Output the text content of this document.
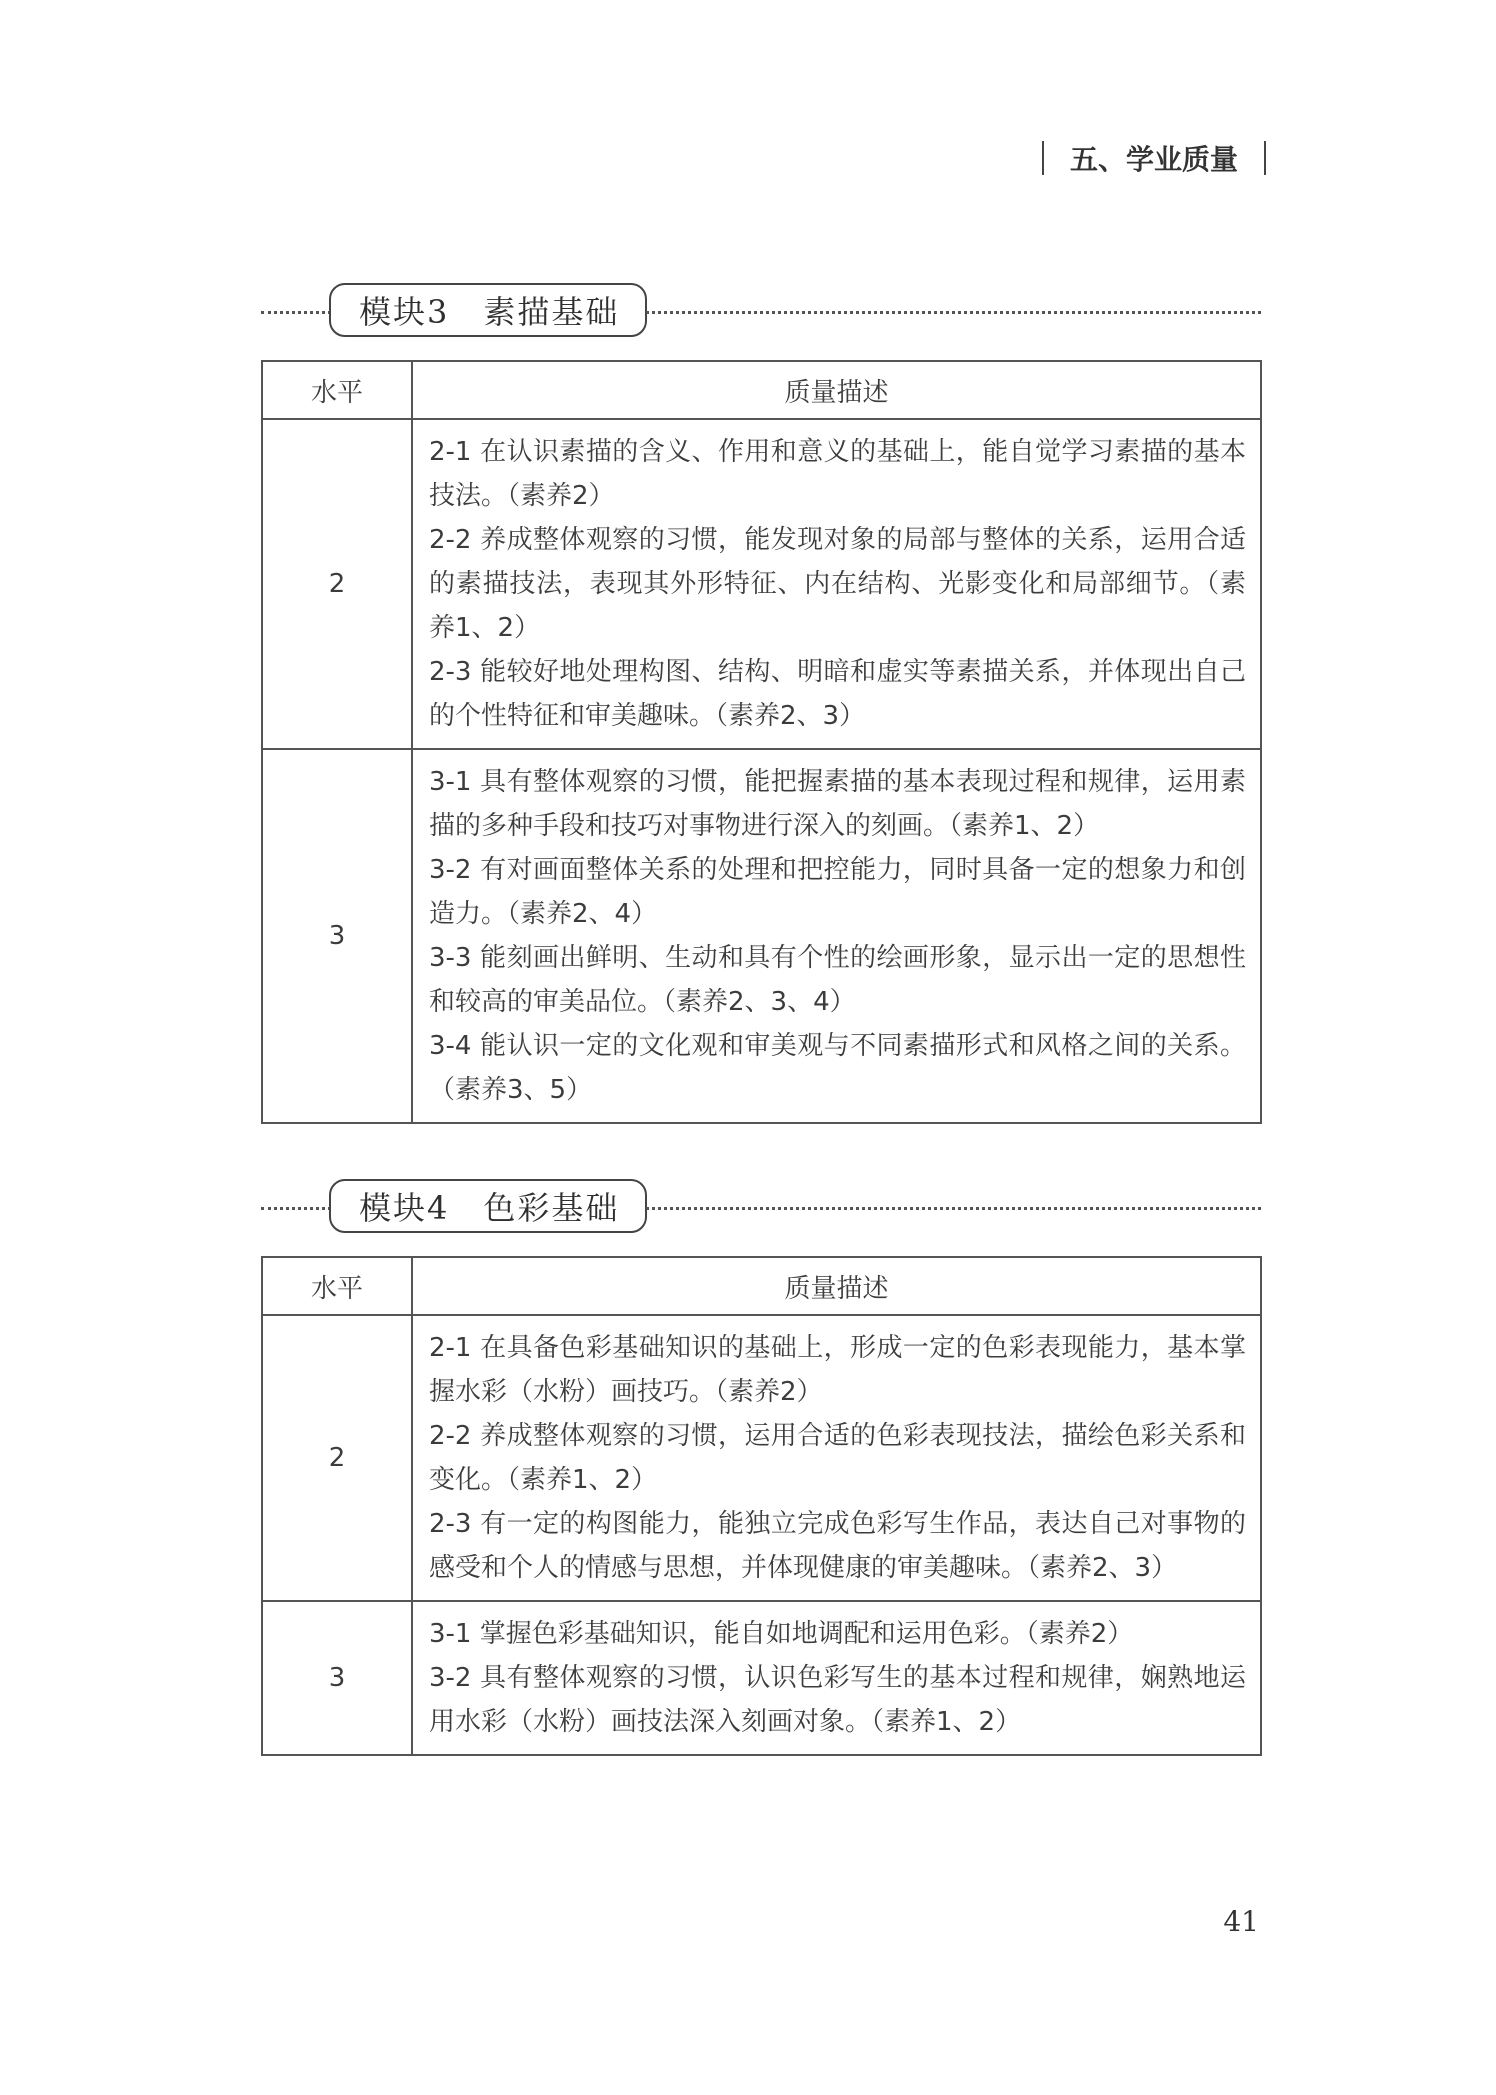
五、学业质量
模块3 素描基础
水平	质量描述
2	2-1 在认识素描的含义、作用和意义的基础上，能自觉学习素描的基本技法。（素养2）
2-2 养成整体观察的习惯，能发现对象的局部与整体的关系，运用合适的素描技法，表现其外形特征、内在结构、光影变化和局部细节。（素养1、2）
2-3 能较好地处理构图、结构、明暗和虚实等素描关系，并体现出自己的个性特征和审美趣味。（素养2、3）

3	3-1 具有整体观察的习惯，能把握素描的基本表现过程和规律，运用素描的多种手段和技巧对事物进行深入的刻画。（素养1、2）
3-2 有对画面整体关系的处理和把控能力，同时具备一定的想象力和创造力。（素养2、4）
3-3 能刻画出鲜明、生动和具有个性的绘画形象，显示出一定的思想性和较高的审美品位。（素养2、3、4）
3-4 能认识一定的文化观和审美观与不同素描形式和风格之间的关系。（素养3、5）
模块4 色彩基础
水平	质量描述
2	2-1 在具备色彩基础知识的基础上，形成一定的色彩表现能力，基本掌握水彩（水粉）画技巧。（素养2）
2-2 养成整体观察的习惯，运用合适的色彩表现技法，描绘色彩关系和变化。（素养1、2）
2-3 有一定的构图能力，能独立完成色彩写生作品，表达自己对事物的感受和个人的情感与思想，并体现健康的审美趣味。（素养2、3）

3	3-1 掌握色彩基础知识，能自如地调配和运用色彩。（素养2）
3-2 具有整体观察的习惯，认识色彩写生的基本过程和规律，娴熟地运用水彩（水粉）画技法深入刻画对象。（素养1、2）
41
